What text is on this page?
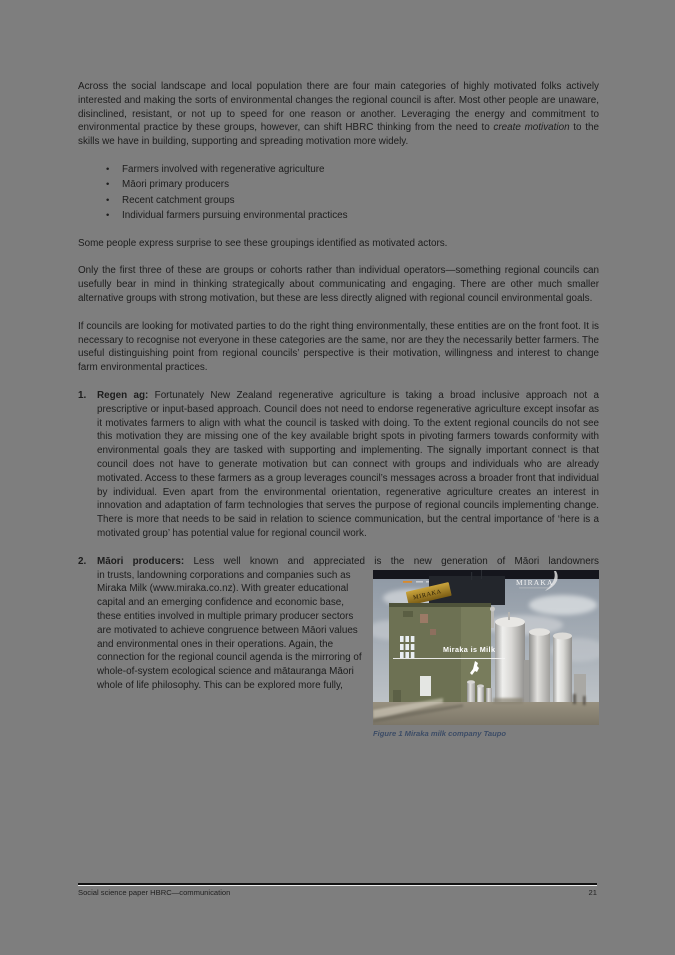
Across the social landscape and local population there are four main categories of highly motivated folks actively interested and making the sorts of environmental changes the regional council is after. Most other people are unaware, disinclined, resistant, or not up to speed for one reason or another. Leveraging the energy and commitment to environmental practice by these groups, however, can shift HBRC thinking from the need to create motivation to the skills we have in building, supporting and spreading motivation more widely.

• Farmers involved with regenerative agriculture
• Māori primary producers
• Recent catchment groups
• Individual farmers pursuing environmental practices

Some people express surprise to see these groupings identified as motivated actors.

Only the first three of these are groups or cohorts rather than individual operators—something regional councils can usefully bear in mind in thinking strategically about communicating and engaging. There are other much smaller alternative groups with strong motivation, but these are less directly aligned with regional council environmental goals.

If councils are looking for motivated parties to do the right thing environmentally, these entities are on the front foot. It is necessary to recognise not everyone in these categories are the same, nor are they the necessarily better farmers. The useful distinguishing point from regional councils’ perspective is their motivation, willingness and interest to change farm environmental practices.

1.	Regen ag: Fortunately New Zealand regenerative agriculture is taking a broad inclusive approach not a prescriptive or input-based approach. Council does not need to endorse regenerative agriculture except insofar as it motivates farmers to align with what the council is tasked with doing. To the extent regional councils do not see this motivation they are missing one of the key available bright spots in pivoting farmers towards conformity with environmental goals they are tasked with supporting and implementing. The signally important connect is that council does not have to generate motivation but can connect with groups and individuals who are already motivated. Access to these farmers as a group leverages council’s messages across a broader front that individual by individual. Even apart from the environmental orientation, regenerative agriculture creates an interest in innovation and adaptation of farm technologies that serves the purpose of regional councils implementing change. There is more that needs to be said in relation to science communication, but the central importance of ‘here is a motivated group’ has potential value for regional council work.
2.	Māori producers: Less well known and appreciated is the new generation of Māori landowners

in trusts, landowning corporations and companies such as Miraka Milk (www.miraka.co.nz). With greater educational capital and an emerging confidence and economic base, these entities involved in multiple primary producer sectors are motivated to achieve congruence between Māori values and environmental ones in their operations. Again, the connection for the regional council agenda is the mirroring of whole-of-system ecological science and mātauranga Māori whole of life philosophy. This can be explored more fully,
MIRAKA
MIRAKA
Miraka is Milk
Figure 1 Miraka milk company Taupo
Social science paper HBRC—communication	21
